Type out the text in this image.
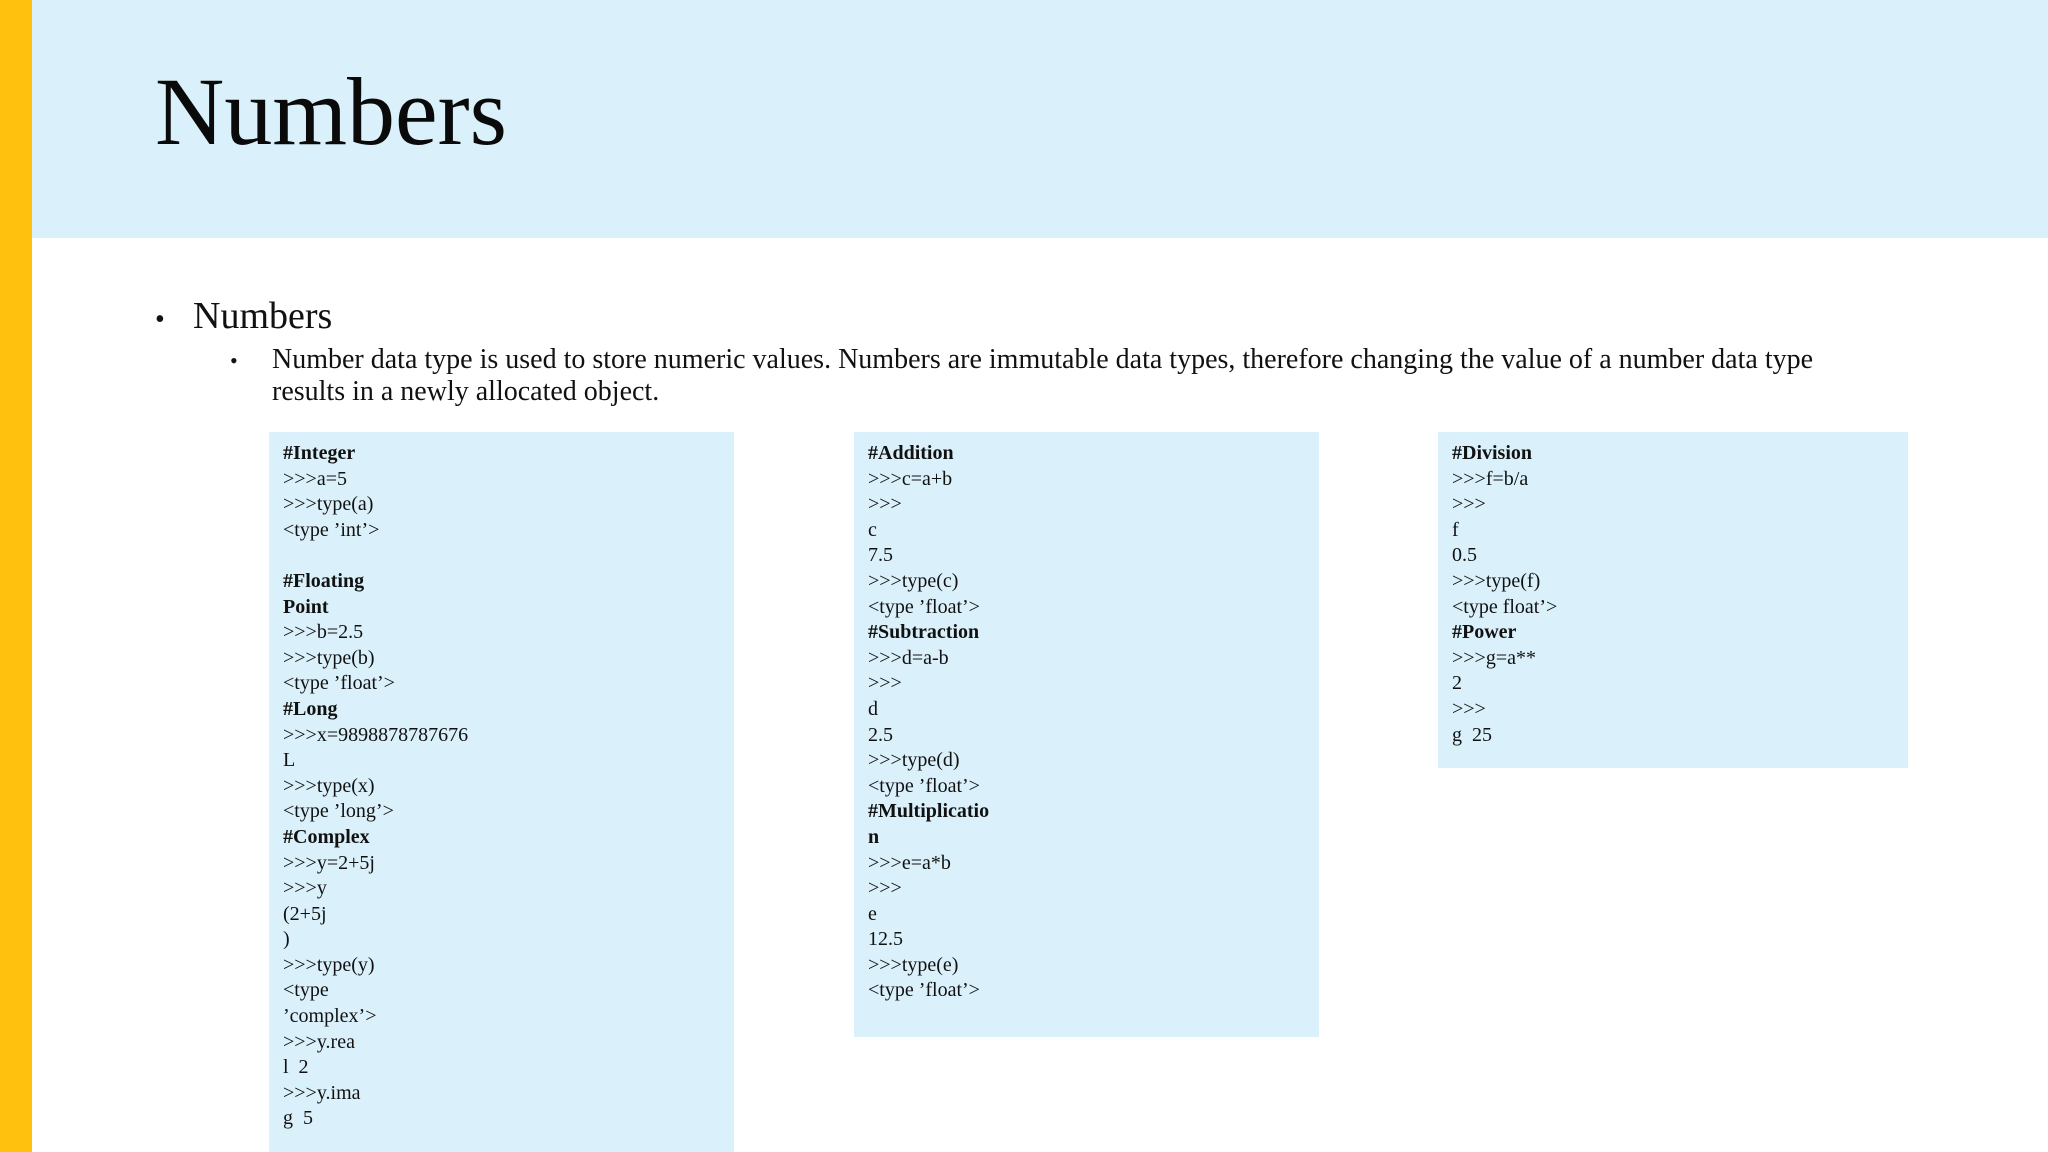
Numbers
• Numbers
•	Number data type is used to store numeric values. Numbers are immutable data types, therefore changing the value of a number data type results in a newly allocated object.
#Integer
>>>a=5
>>>type(a)
<type ’int’>
#Floating
Point
>>>b=2.5
>>>type(b)
<type ’float’>
#Long
>>>x=9898878787676
L
>>>type(x)
<type ’long’>
#Complex
>>>y=2+5j
>>>y
(2+5j
)
>>>type(y)
<type
’complex’>
>>>y.rea
l  2
>>>y.ima
g  5
#Addition
>>>c=a+b
>>>
c
7.5
>>>type(c)
<type ’float’>
#Subtraction
>>>d=a-b
>>>
d
2.5
>>>type(d)
<type ’float’>
#Multiplicatio
n
>>>e=a*b
>>>
e
12.5
>>>type(e)
<type ’float’>
#Division
>>>f=b/a
>>>
f
0.5
>>>type(f)
<type float’>
#Power
>>>g=a**
2
>>>
g  25
